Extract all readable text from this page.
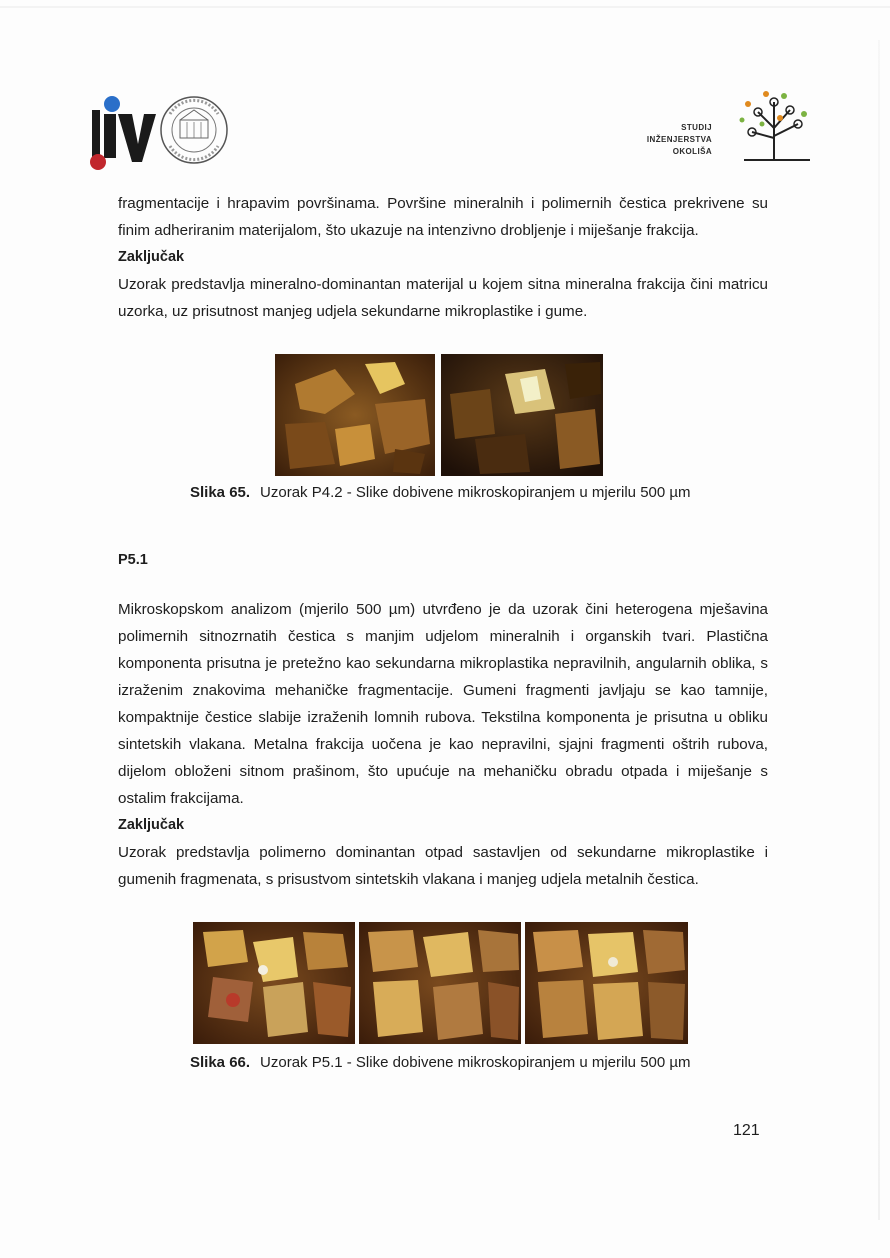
STUDIJ
INŽENJERSTVA
OKOLIŠA

fragmentacije i hrapavim površinama. Površine mineralnih i polimernih čestica prekrivene su finim adheriranim materijalom, što ukazuje na intenzivno drobljenje i miješanje frakcija.

Zaključak

Uzorak predstavlja mineralno-dominantan materijal u kojem sitna mineralna frakcija čini matricu uzorka, uz prisutnost manjeg udjela sekundarne mikroplastike i gume.

Slika 65. Uzorak P4.2 - Slike dobivene mikroskopiranjem u mjerilu 500 µm
P5.1

Mikroskopskom analizom (mjerilo 500 µm) utvrđeno je da uzorak čini heterogena mješavina polimernih sitnozrnatih čestica s manjim udjelom mineralnih i organskih tvari. Plastična komponenta prisutna je pretežno kao sekundarna mikroplastika nepravilnih, angularnih oblika, s izraženim znakovima mehaničke fragmentacije. Gumeni fragmenti javljaju se kao tamnije, kompaktnije čestice slabije izraženih lomnih rubova. Tekstilna komponenta je prisutna u obliku sintetskih vlakana. Metalna frakcija uočena je kao nepravilni, sjajni fragmenti oštrih rubova, dijelom obloženi sitnom prašinom, što upućuje na mehaničku obradu otpada i miješanje s ostalim frakcijama.

Zaključak

Uzorak predstavlja polimerno dominantan otpad sastavljen od sekundarne mikroplastike i gumenih fragmenata, s prisustvom sintetskih vlakana i manjeg udjela metalnih čestica.

Slika 66. Uzorak P5.1 - Slike dobivene mikroskopiranjem u mjerilu 500 µm
121
